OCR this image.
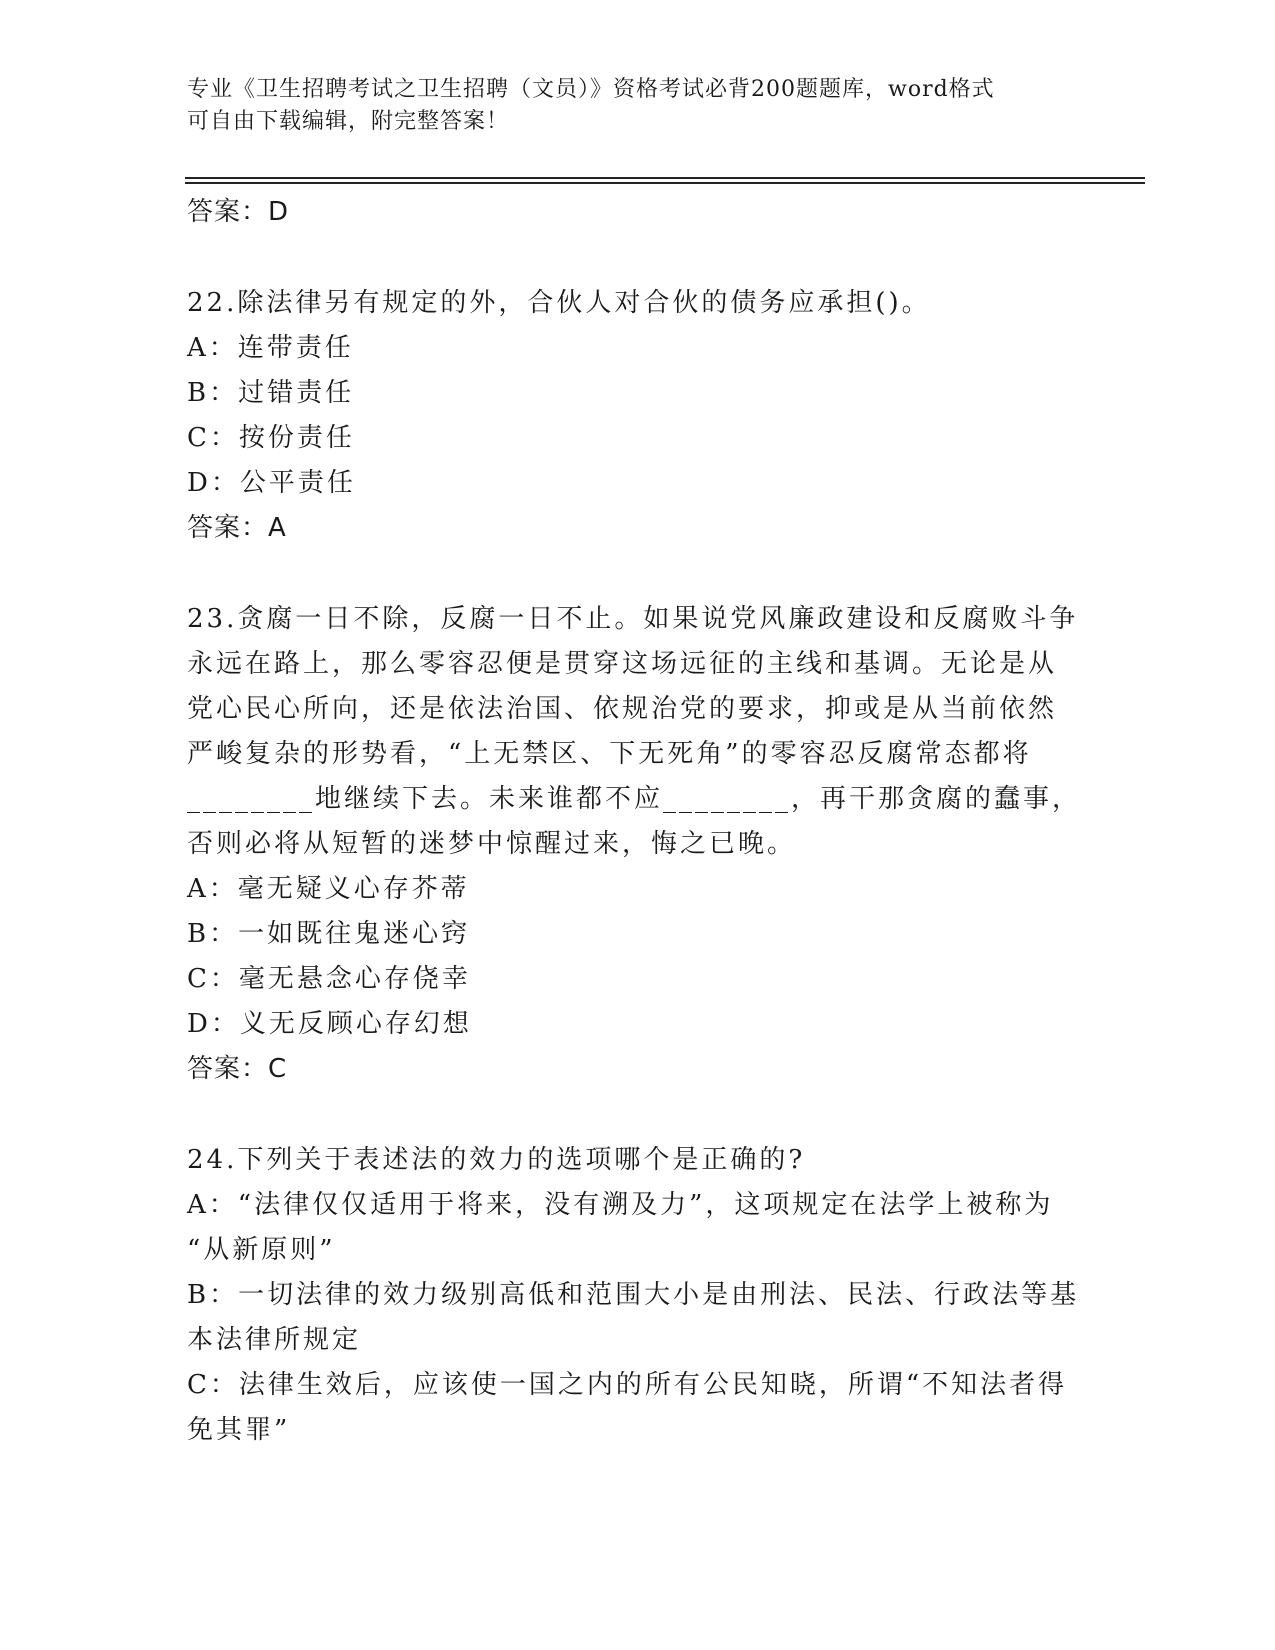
专业《卫生招聘考试之卫生招聘（文员）》资格考试必背200题题库，word格式
可自由下载编辑，附完整答案！
答案：D
22.除法律另有规定的外，合伙人对合伙的债务应承担()。
A：连带责任
B：过错责任
C：按份责任
D：公平责任
答案：A
23.贪腐一日不除，反腐一日不止。如果说党风廉政建设和反腐败斗争
永远在路上，那么零容忍便是贯穿这场远征的主线和基调。无论是从
党心民心所向，还是依法治国、依规治党的要求，抑或是从当前依然
严峻复杂的形势看，“上无禁区、下无死角”的零容忍反腐常态都将
________地继续下去。未来谁都不应________，再干那贪腐的蠢事，
否则必将从短暂的迷梦中惊醒过来，悔之已晚。
A：毫无疑义心存芥蒂
B：一如既往鬼迷心窍
C：毫无悬念心存侥幸
D：义无反顾心存幻想
答案：C
24.下列关于表述法的效力的选项哪个是正确的?
A：“法律仅仅适用于将来，没有溯及力”，这项规定在法学上被称为
“从新原则”
B：一切法律的效力级别高低和范围大小是由刑法、民法、行政法等基
本法律所规定
C：法律生效后，应该使一国之内的所有公民知晓，所谓“不知法者得
免其罪”
